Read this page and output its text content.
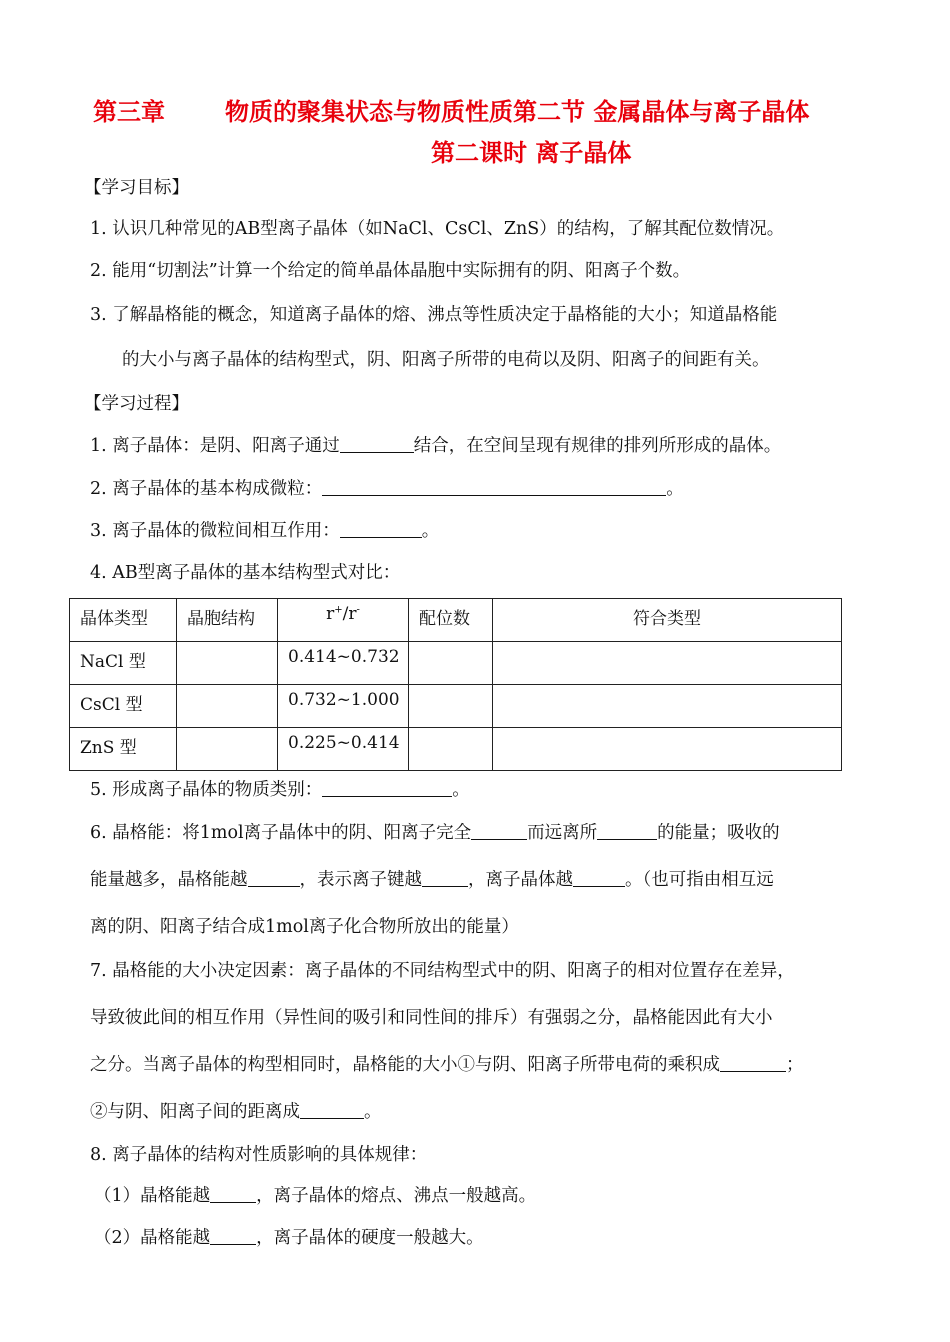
第三章	物质的聚集状态与物质性质第二节 金属晶体与离子晶体
第二课时 离子晶体
【学习目标】
1. 认识几种常见的AB型离子晶体（如NaCl、CsCl、ZnS）的结构，了解其配位数情况。
2. 能用“切割法”计算一个给定的简单晶体晶胞中实际拥有的阴、阳离子个数。
3. 了解晶格能的概念，知道离子晶体的熔、沸点等性质决定于晶格能的大小；知道晶格能
的大小与离子晶体的结构型式，阴、阳离子所带的电荷以及阴、阳离子的间距有关。
【学习过程】
1. 离子晶体：是阴、阳离子通过	结合，在空间呈现有规律的排列所形成的晶体。
2. 离子晶体的基本构成微粒：	。
3. 离子晶体的微粒间相互作用：	。
4. AB型离子晶体的基本结构型式对比：
晶体类型	晶胞结构	r+/r-	配位数	符合类型
NaCl 型		0.414~0.732		
CsCl 型		0.732~1.000		
ZnS 型		0.225~0.414		
5. 形成离子晶体的物质类别：	。
6. 晶格能：将1mol离子晶体中的阴、阳离子完全	而远离所	的能量；吸收的
能量越多，晶格能越	，表示离子键越	，离子晶体越	。（也可指由相互远
离的阴、阳离子结合成1mol离子化合物所放出的能量）
7. 晶格能的大小决定因素：离子晶体的不同结构型式中的阴、阳离子的相对位置存在差异，
导致彼此间的相互作用（异性间的吸引和同性间的排斥）有强弱之分，晶格能因此有大小
之分。当离子晶体的构型相同时，晶格能的大小①与阴、阳离子所带电荷的乘积成	；
②与阴、阳离子间的距离成	。
8. 离子晶体的结构对性质影响的具体规律：
（1）晶格能越	，离子晶体的熔点、沸点一般越高。
（2）晶格能越	，离子晶体的硬度一般越大。
